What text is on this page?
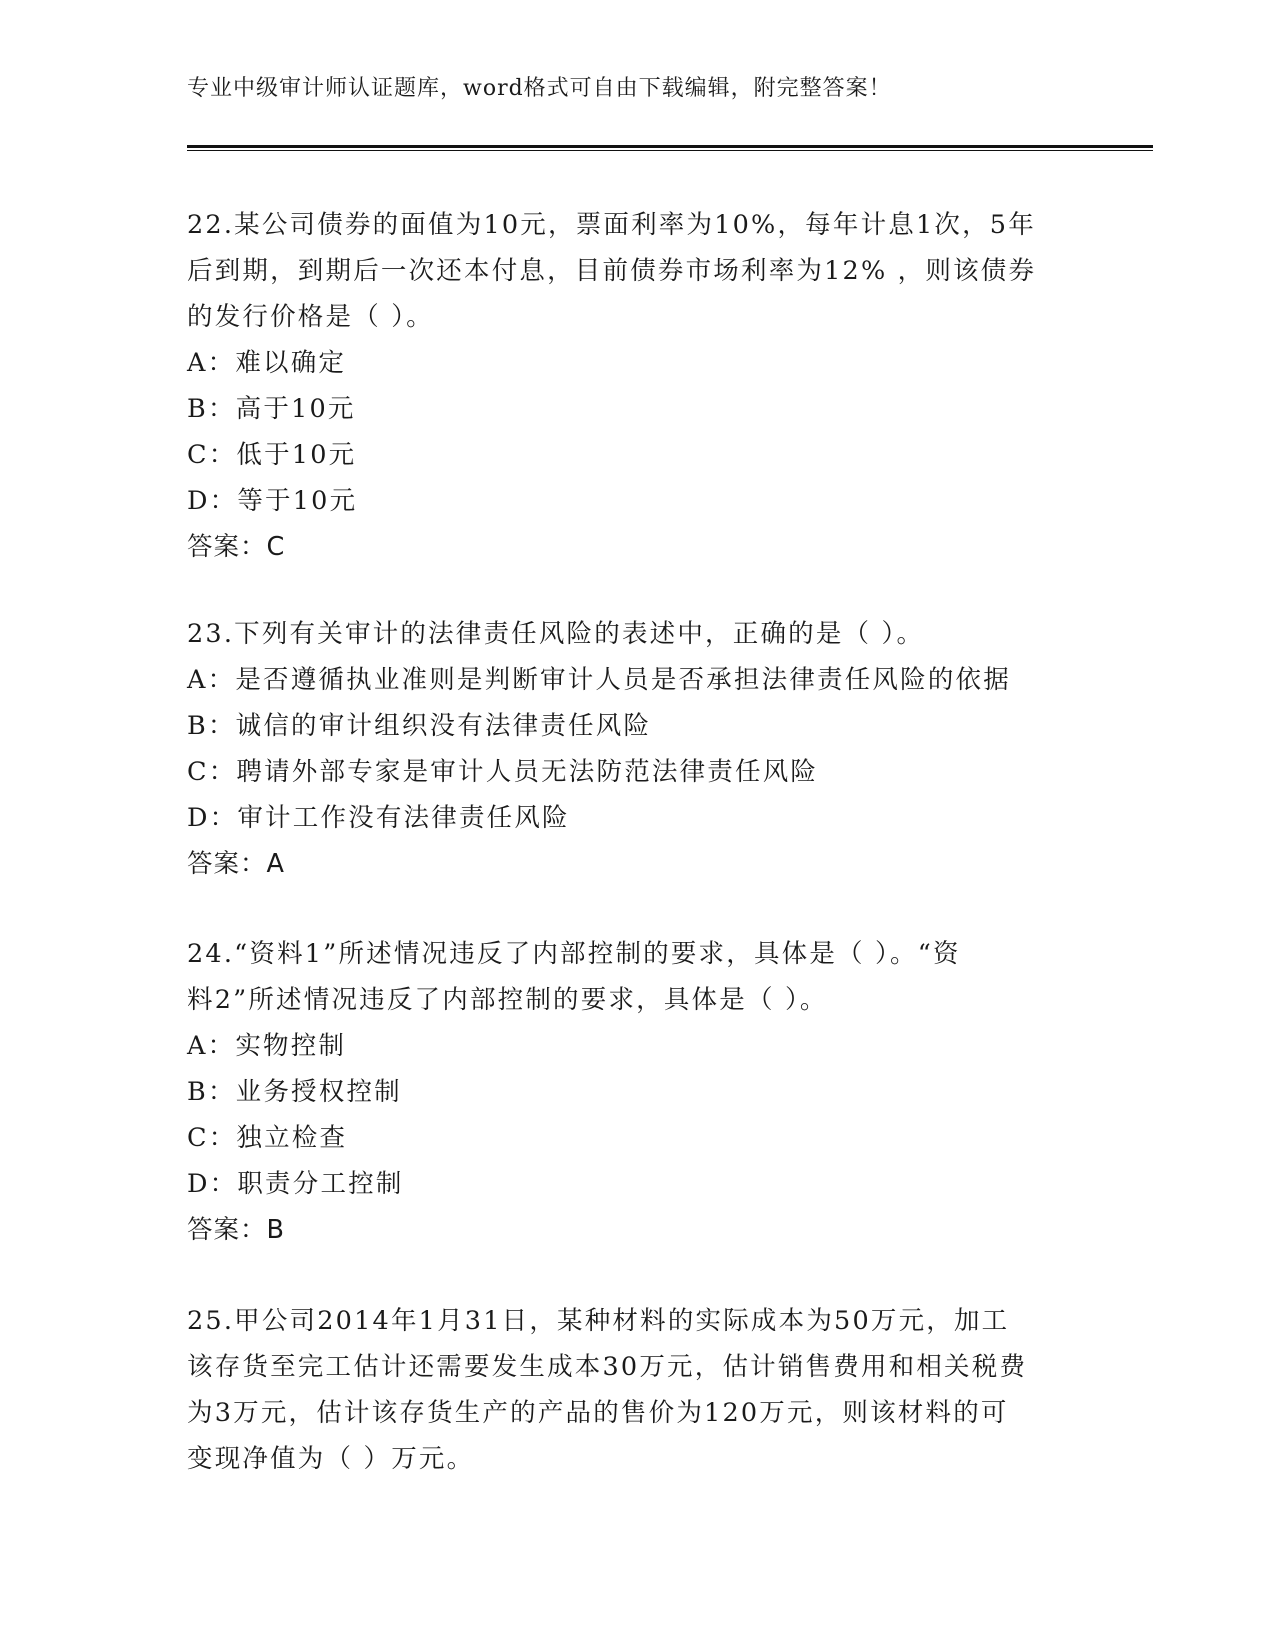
专业中级审计师认证题库，word格式可自由下载编辑，附完整答案！
22.某公司债券的面值为10元，票面利率为10%，每年计息1次，5年
后到期，到期后一次还本付息，目前债券市场利率为12% ，则该债券
的发行价格是（ ）。
A：难以确定
B：高于10元
C：低于10元
D：等于10元
答案：C
23.下列有关审计的法律责任风险的表述中，正确的是（ ）。
A：是否遵循执业准则是判断审计人员是否承担法律责任风险的依据
B：诚信的审计组织没有法律责任风险
C：聘请外部专家是审计人员无法防范法律责任风险
D：审计工作没有法律责任风险
答案：A
24.“资料1”所述情况违反了内部控制的要求，具体是（ ）。“资
料2”所述情况违反了内部控制的要求，具体是（ ）。
A：实物控制
B：业务授权控制
C：独立检查
D：职责分工控制
答案：B
25.甲公司2014年1月31日，某种材料的实际成本为50万元，加工
该存货至完工估计还需要发生成本30万元，估计销售费用和相关税费
为3万元，估计该存货生产的产品的售价为120万元，则该材料的可
变现净值为（ ）万元。
